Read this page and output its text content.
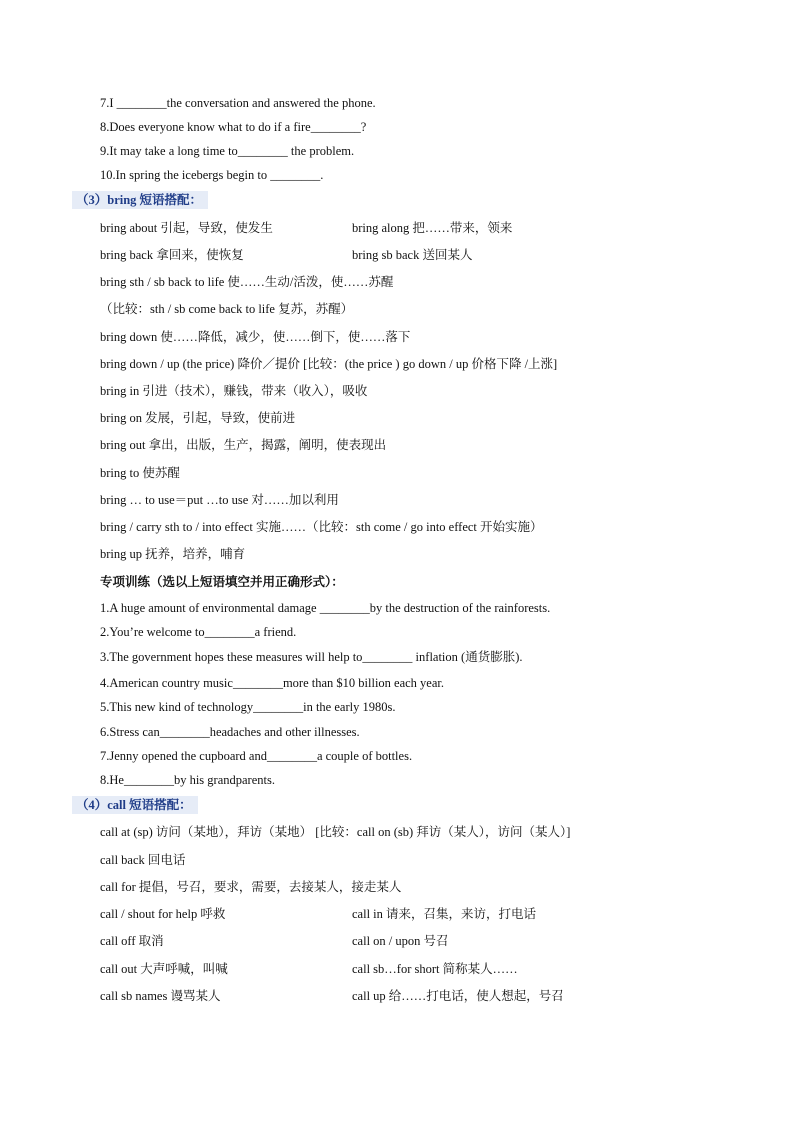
7.I ________the conversation and answered the phone.
8.Does everyone know what to do if a fire________?
9.It may take a long time to________ the problem.
10.In spring the icebergs begin to ________.
（3）bring 短语搭配：
bring about 引起，导致，使发生	bring along 把……带来，领来
bring back 拿回来，使恢复	bring sb back 送回某人
bring sth / sb back to life 使……生动/活泼，使……苏醒
（比较：sth / sb come back to life 复苏，苏醒）
bring down 使……降低，减少，使……倒下，使……落下
bring down / up (the price) 降价／提价 [比较：(the price ) go down / up 价格下降 /上涨]
bring in 引进（技术），赚钱，带来（收入），吸收
bring on 发展，引起，导致，使前进
bring out 拿出，出版，生产，揭露，阐明，使表现出
bring to 使苏醒
bring … to use＝put …to use 对……加以利用
bring / carry sth to / into effect 实施……（比较：sth come / go into effect 开始实施）
bring up 抚养，培养，哺育
专项训练（选以上短语填空并用正确形式）：
1.A huge amount of environmental damage ________by the destruction of the rainforests.
2.You’re welcome to________a friend.
3.The government hopes these measures will help to________ inflation (通货膨胀).
4.American country music________more than $10 billion each year.
5.This new kind of technology________in the early 1980s.
6.Stress can________headaches and other illnesses.
7.Jenny opened the cupboard and________a couple of bottles.
8.He________by his grandparents.
（4）call 短语搭配：
call at (sp) 访问（某地），拜访（某地） [比较：call on (sb) 拜访（某人），访问（某人）]
call back 回电话
call for 提倡，号召，要求，需要，去接某人，接走某人
call / shout for help 呼救	call in 请来，召集，来访，打电话
call off 取消	call on / upon 号召
call out 大声呼喊，叫喊	call sb…for short 简称某人……
call sb names 谩骂某人	call up 给……打电话，使人想起，号召
